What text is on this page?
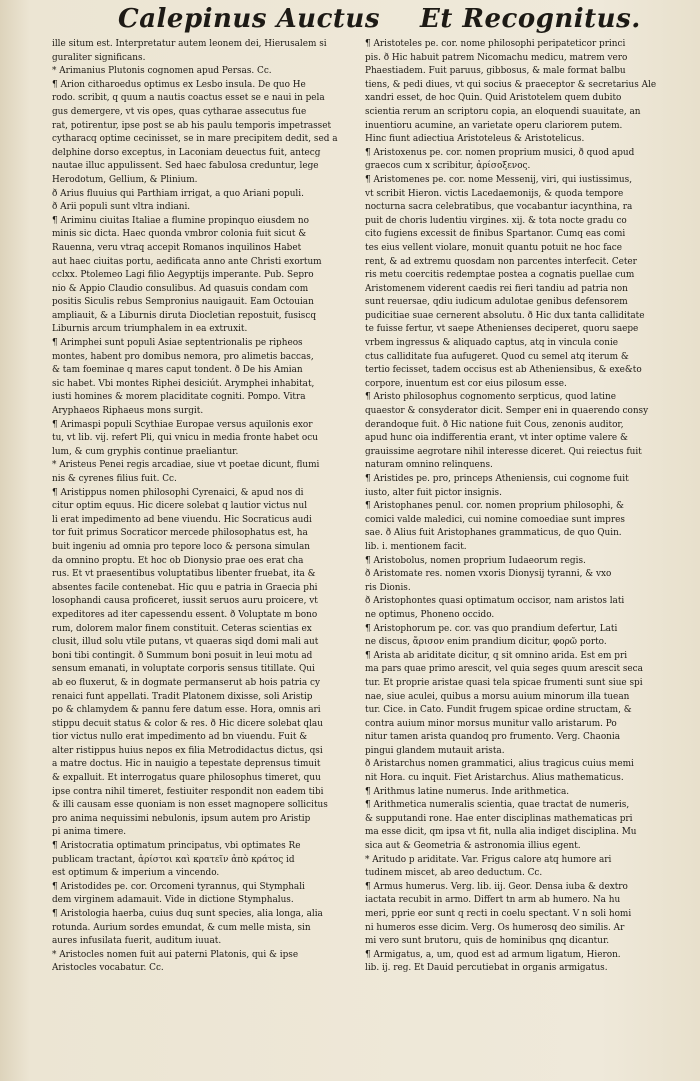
Calepinus Auctus Et Recognitus.
ille situm est. Interpretatur autem leonem dei, Hierusalem si
guraliter significans.
* Arimanius Plutonis cognomen apud Persas. Cc.
¶ Arion citharoedus optimus ex Lesbo insula. De quo He
rodo. scribit, q quum a nautis coactus esset se e naui in pela
gus demergere, vt vis opes, quas cytharae assecutus fue
rat, potirentur, ipse post se ab his paulu temporis impetrasset
cytharacq optime cecinisset, se in mare precipitem dedit, sed a
delphine dorso exceptus, in Laconiam deuectus fuit, antecg
nautae illuc appulissent. Sed haec fabulosa creduntur, lege
Herodotum, Gellium, & Plinium.
ð Arius fluuius qui Parthiam irrigat, a quo Ariani populi.
ð Arii populi sunt vltra indiani.
¶ Ariminu ciuitas Italiae a flumine propinquo eiusdem no
minis sic dicta. Haec quonda vmbror colonia fuit sicut &
Rauenna, veru vtraq accepit Romanos inquilinos Habet
aut haec ciuitas portu, aedificata anno ante Christi exortum
cclxx. Ptolemeo Lagi filio Aegyptijs imperante. Pub. Sepro
nio & Appio Claudio consulibus. Ad quasuis condam com
positis Siculis rebus Sempronius nauigauit. Eam Octouian
ampliauit, & a Liburnis diruta Diocletian repostuit, fusiscq
Liburnis arcum triumphalem in ea extruxit.
¶ Arimphei sunt populi Asiae septentrionalis pe ripheos
montes, habent pro domibus nemora, pro alimetis baccas,
& tam foeminae q mares caput tondent. ð De his Amian
sic habet. Vbi montes Riphei desiciút. Arymphei inhabitat,
iusti homines & morem placiditate cogniti. Pompo. Vitra
Aryphaeos Riphaeus mons surgit.
¶ Arimaspi populi Scythiae Europae versus aquilonis exor
tu, vt lib. vij. refert Pli, qui vnicu in media fronte habet ocu
lum, & cum gryphis continue praeliantur.
* Aristeus Penei regis arcadiae, siue vt poetae dicunt, flumi
nis & cyrenes filius fuit. Cc.
¶ Aristippus nomen philosophi Cyrenaici, & apud nos di
citur optim equus. Hic dicere solebat q lautior victus nul
li erat impedimento ad bene viuendu. Hic Socraticus audi
tor fuit primus Socraticor mercede philosophatus est, ha
buit ingeniu ad omnia pro tepore loco & persona simulan
da omnino proptu. Et hoc ob Dionysio prae oes erat cha
rus. Et vt praesentibus voluptatibus libenter fruebat, ita &
absentes facile contenebat. Hic quu e patria in Graecia phi
losophandi causa proficeret, iussit seruos auru proicere, vt
expeditores ad iter capessendu essent. ð Voluptate m bono
rum, dolorem malor finem constituit. Ceteras scientias ex
clusit, illud solu vtile putans, vt quaeras siqd domi mali aut
boni tibi contingit. ð Summum boni posuit in leui motu ad
sensum emanati, in voluptate corporis sensus titillate. Qui
ab eo fluxerut, & in dogmate permanserut ab hois patria cy
renaici funt appellati. Tradit Platonem dixisse, soli Aristip
po & chlamydem & pannu fere datum esse. Hora, omnis ari
stippu decuit status & color & res. ð Hic dicere solebat qlau
tior victus nullo erat impedimento ad bn viuendu. Fuit &
alter ristippus huius nepos ex filia Metrodidactus dictus, qsi
a matre doctus. Hic in nauigio a tepestate deprensus timuit
& expalluit. Et interrogatus quare philosophus timeret, quu
ipse contra nihil timeret, festiuiter respondit non eadem tibi
& illi causam esse quoniam is non esset magnopere sollicitus
pro anima nequissimi nebulonis, ipsum autem pro Aristip
pi anima timere.
¶ Aristocratia optimatum principatus, vbi optimates Re
publicam tractant, ἀρίστοι καὶ κρατεῖν ἀπὸ κράτος id
est optimum & imperium a vincendo.
¶ Aristodides pe. cor. Orcomeni tyrannus, qui Stymphali
dem virginem adamauit. Vide in dictione Stymphalus.
¶ Aristologia haerba, cuius duq sunt species, alia longa, alia
rotunda. Aurium sordes emundat, & cum melle mista, sin
aures infusilata fuerit, auditum iuuat.
* Aristocles nomen fuit aui paterni Platonis, qui & ipse
Aristocles vocabatur. Cc.
¶ Aristoteles pe. cor. nome philosophi peripateticor princi
pis. ð Hic habuit patrem Nicomachu medicu, matrem vero
Phaestiadem. Fuit paruus, gibbosus, & male format balbu
tiens, & pedi diues, vt qui socius & praeceptor & secretarius Ale
xandri esset, de hoc Quin. Quid Aristotelem quem dubito
scientia rerum an scriptoru copia, an eloquendi suauitate, an
inuentioru acumine, an varietate operu clariorem putem.
Hinc fiunt adiectiua Aristoteleus & Aristotelicus.
¶ Aristoxenus pe. cor. nomen proprium musici, ð quod apud
graecos cum x scribitur, ἀρίσοξενος.
¶ Aristomenes pe. cor. nome Messenij, viri, qui iustissimus,
vt scribit Hieron. victis Lacedaemonijs, & quoda tempore
nocturna sacra celebratibus, que vocabantur iacynthina, ra
puit de choris ludentiu virgines. xij. & tota nocte gradu co
cito fugiens excessit de finibus Spartanor. Cumq eas comi
tes eius vellent violare, monuit quantu potuit ne hoc face
rent, & ad extremu quosdam non parcentes interfecit. Ceter
ris metu coercitis redemptae postea a cognatis puellae cum
Aristomenem viderent caedis rei fieri tandiu ad patria non
sunt reuersae, qdiu iudicum adulotae genibus defensorem
pudicitiae suae cernerent absolutu. ð Hic dux tanta calliditate
te fuisse fertur, vt saepe Athenienses deciperet, quoru saepe
vrbem ingressus & aliquado captus, atq in vincula conie
ctus calliditate fua aufugeret. Quod cu semel atq iterum &
tertio fecisset, tadem occisus est ab Atheniensibus, & exe&to
corpore, inuentum est cor eius pilosum esse.
¶ Aristo philosophus cognomento serpticus, quod latine
quaestor & consyderator dicit. Semper eni in quaerendo consy
derandoque fuit. ð Hic natione fuit Cous, zenonis auditor,
apud hunc oia indifferentia erant, vt inter optime valere &
grauissime aegrotare nihil interesse diceret. Qui reiectus fuit
naturam omnino relinquens.
¶ Aristides pe. pro, princeps Atheniensis, cui cognome fuit
iusto, alter fuit pictor insignis.
¶ Aristophanes penul. cor. nomen proprium philosophi, &
comici valde maledici, cui nomine comoediae sunt impres
sae. ð Alius fuit Aristophanes grammaticus, de quo Quin.
lib. i. mentionem facit.
¶ Aristobolus, nomen proprium Iudaeorum regis.
ð Aristomate res. nomen vxoris Dionysij tyranni, & vxo
ris Dionis.
ð Aristophontes quasi optimatum occisor, nam aristos lati
ne optimus, Phoneno occido.
¶ Aristophorum pe. cor. vas quo prandium defertur, Lati
ne discus, ἄρισον enim prandium dicitur, φορῶ porto.
¶ Arista ab ariditate dicitur, q sit omnino arida. Est em pri
ma pars quae primo arescit, vel quia seges quum arescit seca
tur. Et proprie aristae quasi tela spicae frumenti sunt siue spi
nae, siue aculei, quibus a morsu auium minorum illa tuean
tur. Cice. in Cato. Fundit frugem spicae ordine structam, &
contra auium minor morsus munitur vallo aristarum. Po
nitur tamen arista quandoq pro frumento. Verg. Chaonia
pingui glandem mutauit arista.
ð Aristarchus nomen grammatici, alius tragicus cuius memi
nit Hora. cu inquit. Fiet Aristarchus. Alius mathematicus.
¶ Arithmus latine numerus. Inde arithmetica.
¶ Arithmetica numeralis scientia, quae tractat de numeris,
& supputandi rone. Hae enter disciplinas mathematicas pri
ma esse dicit, qm ipsa vt fit, nulla alia indiget disciplina. Mu
sica aut & Geometria & astronomia illius egent.
* Aritudo p ariditate. Var. Frigus calore atq humore ari
tudinem miscet, ab areo deductum. Cc.
¶ Armus humerus. Verg. lib. iij. Geor. Densa iuba & dextro
iactata recubit in armo. Differt tn arm ab humero. Na hu
meri, pprie eor sunt q recti in coelu spectant. V n soli homi
ni humeros esse dicim. Verg. Os humerosq deo similis. Ar
mi vero sunt brutoru, quis de hominibus qnq dicantur.
¶ Armigatus, a, um, quod est ad armum ligatum, Hieron.
lib. ij. reg. Et Dauid percutiebat in organis armigatus.
